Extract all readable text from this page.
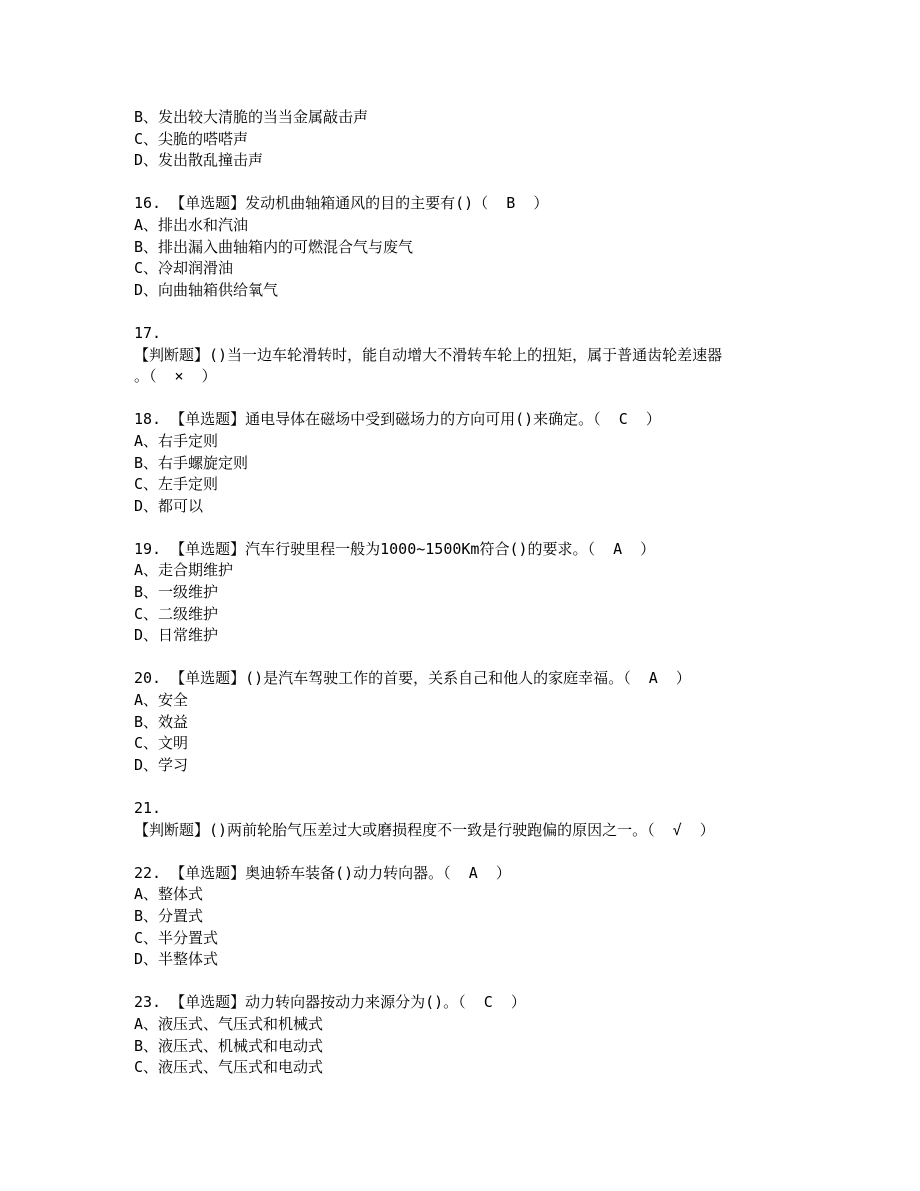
B、发出较大清脆的当当金属敲击声
C、尖脆的嗒嗒声
D、发出散乱撞击声
16. 【单选题】发动机曲轴箱通风的目的主要有()（  B  ）
A、排出水和汽油
B、排出漏入曲轴箱内的可燃混合气与废气
C、冷却润滑油
D、向曲轴箱供给氧气
17.
【判断题】()当一边车轮滑转时，能自动增大不滑转车轮上的扭矩，属于普通齿轮差速器
。（  ×  ）
18. 【单选题】通电导体在磁场中受到磁场力的方向可用()来确定。（  C  ）
A、右手定则
B、右手螺旋定则
C、左手定则
D、都可以
19. 【单选题】汽车行驶里程一般为1000~1500Km符合()的要求。（  A  ）
A、走合期维护
B、一级维护
C、二级维护
D、日常维护
20. 【单选题】()是汽车驾驶工作的首要，关系自己和他人的家庭幸福。（  A  ）
A、安全
B、效益
C、文明
D、学习
21.
【判断题】()两前轮胎气压差过大或磨损程度不一致是行驶跑偏的原因之一。（  √  ）
22. 【单选题】奥迪轿车装备()动力转向器。（  A  ）
A、整体式
B、分置式
C、半分置式
D、半整体式
23. 【单选题】动力转向器按动力来源分为()。（  C  ）
A、液压式、气压式和机械式
B、液压式、机械式和电动式
C、液压式、气压式和电动式
